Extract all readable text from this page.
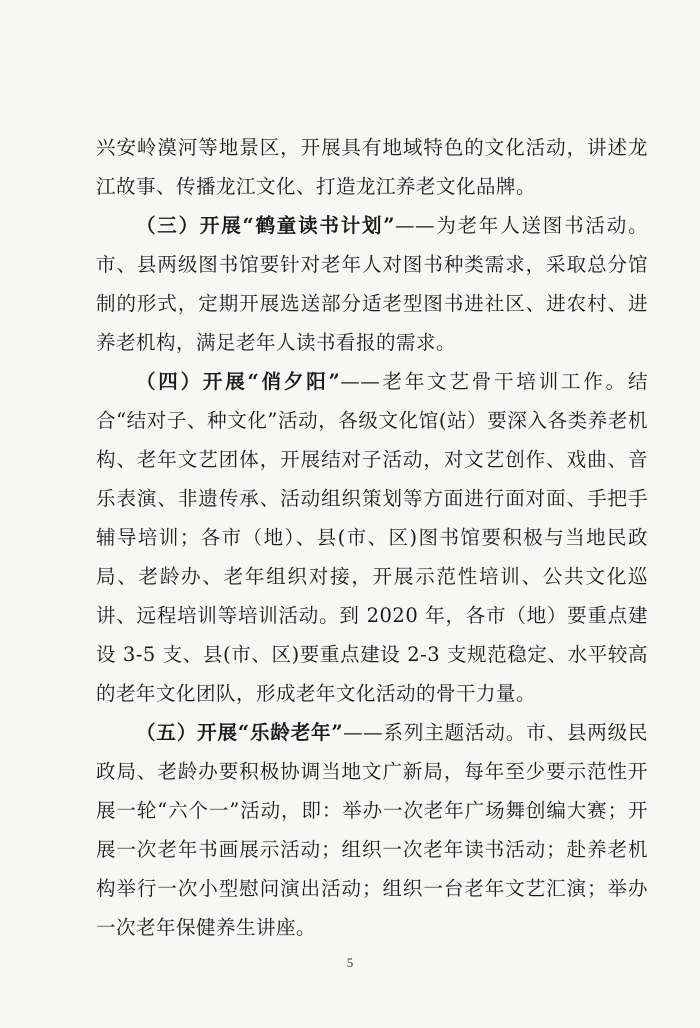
兴安岭漠河等地景区，开展具有地域特色的文化活动，讲述龙江故事、传播龙江文化、打造龙江养老文化品牌。

（三）开展“鹤童读书计划”——为老年人送图书活动。市、县两级图书馆要针对老年人对图书种类需求，采取总分馆制的形式，定期开展选送部分适老型图书进社区、进农村、进养老机构，满足老年人读书看报的需求。

（四）开展“俏夕阳”——老年文艺骨干培训工作。结合“结对子、种文化”活动，各级文化馆(站）要深入各类养老机构、老年文艺团体，开展结对子活动，对文艺创作、戏曲、音乐表演、非遗传承、活动组织策划等方面进行面对面、手把手辅导培训；各市（地）、县(市、区)图书馆要积极与当地民政局、老龄办、老年组织对接，开展示范性培训、公共文化巡讲、远程培训等培训活动。到 2020 年，各市（地）要重点建设 3-5 支、县(市、区)要重点建设 2-3 支规范稳定、水平较高的老年文化团队，形成老年文化活动的骨干力量。

（五）开展“乐龄老年”——系列主题活动。市、县两级民政局、老龄办要积极协调当地文广新局，每年至少要示范性开展一轮“六个一”活动，即：举办一次老年广场舞创编大赛；开展一次老年书画展示活动；组织一次老年读书活动；赴养老机构举行一次小型慰问演出活动；组织一台老年文艺汇演；举办一次老年保健养生讲座。

5
